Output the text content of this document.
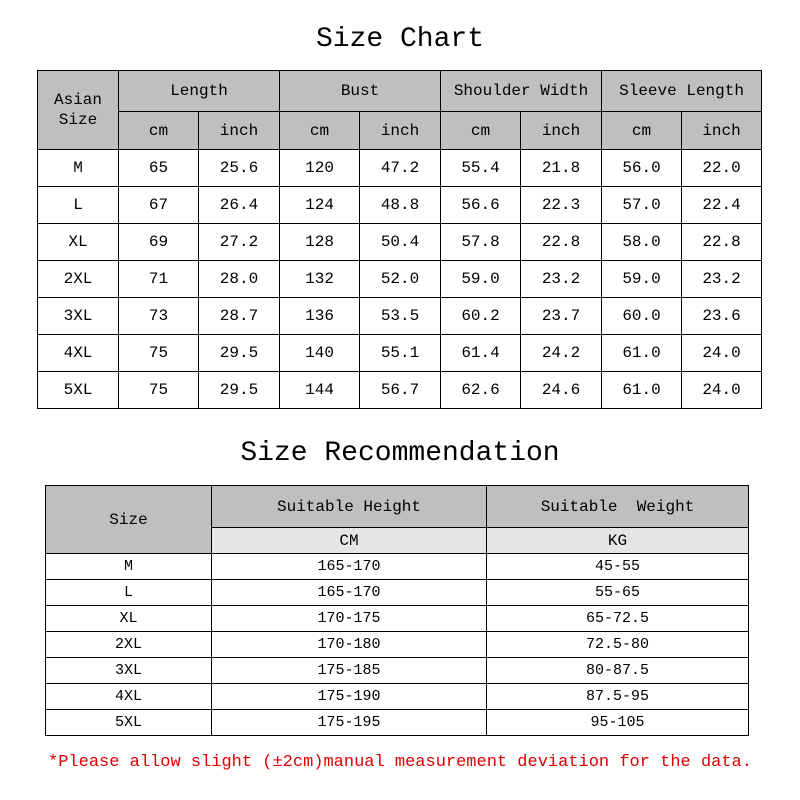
Size Chart
Asian Size	Length		Bust		Shoulder Width		Sleeve Length	
	cm	inch	cm	inch	cm	inch	cm	inch
M	65	25.6	120	47.2	55.4	21.8	56.0	22.0
L	67	26.4	124	48.8	56.6	22.3	57.0	22.4
XL	69	27.2	128	50.4	57.8	22.8	58.0	22.8
2XL	71	28.0	132	52.0	59.0	23.2	59.0	23.2
3XL	73	28.7	136	53.5	60.2	23.7	60.0	23.6
4XL	75	29.5	140	55.1	61.4	24.2	61.0	24.0
5XL	75	29.5	144	56.7	62.6	24.6	61.0	24.0
Size Recommendation
Size	Suitable Height	Suitable  Weight
	CM	KG
M	165-170	45-55
L	165-170	55-65
XL	170-175	65-72.5
2XL	170-180	72.5-80
3XL	175-185	80-87.5
4XL	175-190	87.5-95
5XL	175-195	95-105

*Please allow slight (±2cm)manual measurement deviation for the data.
